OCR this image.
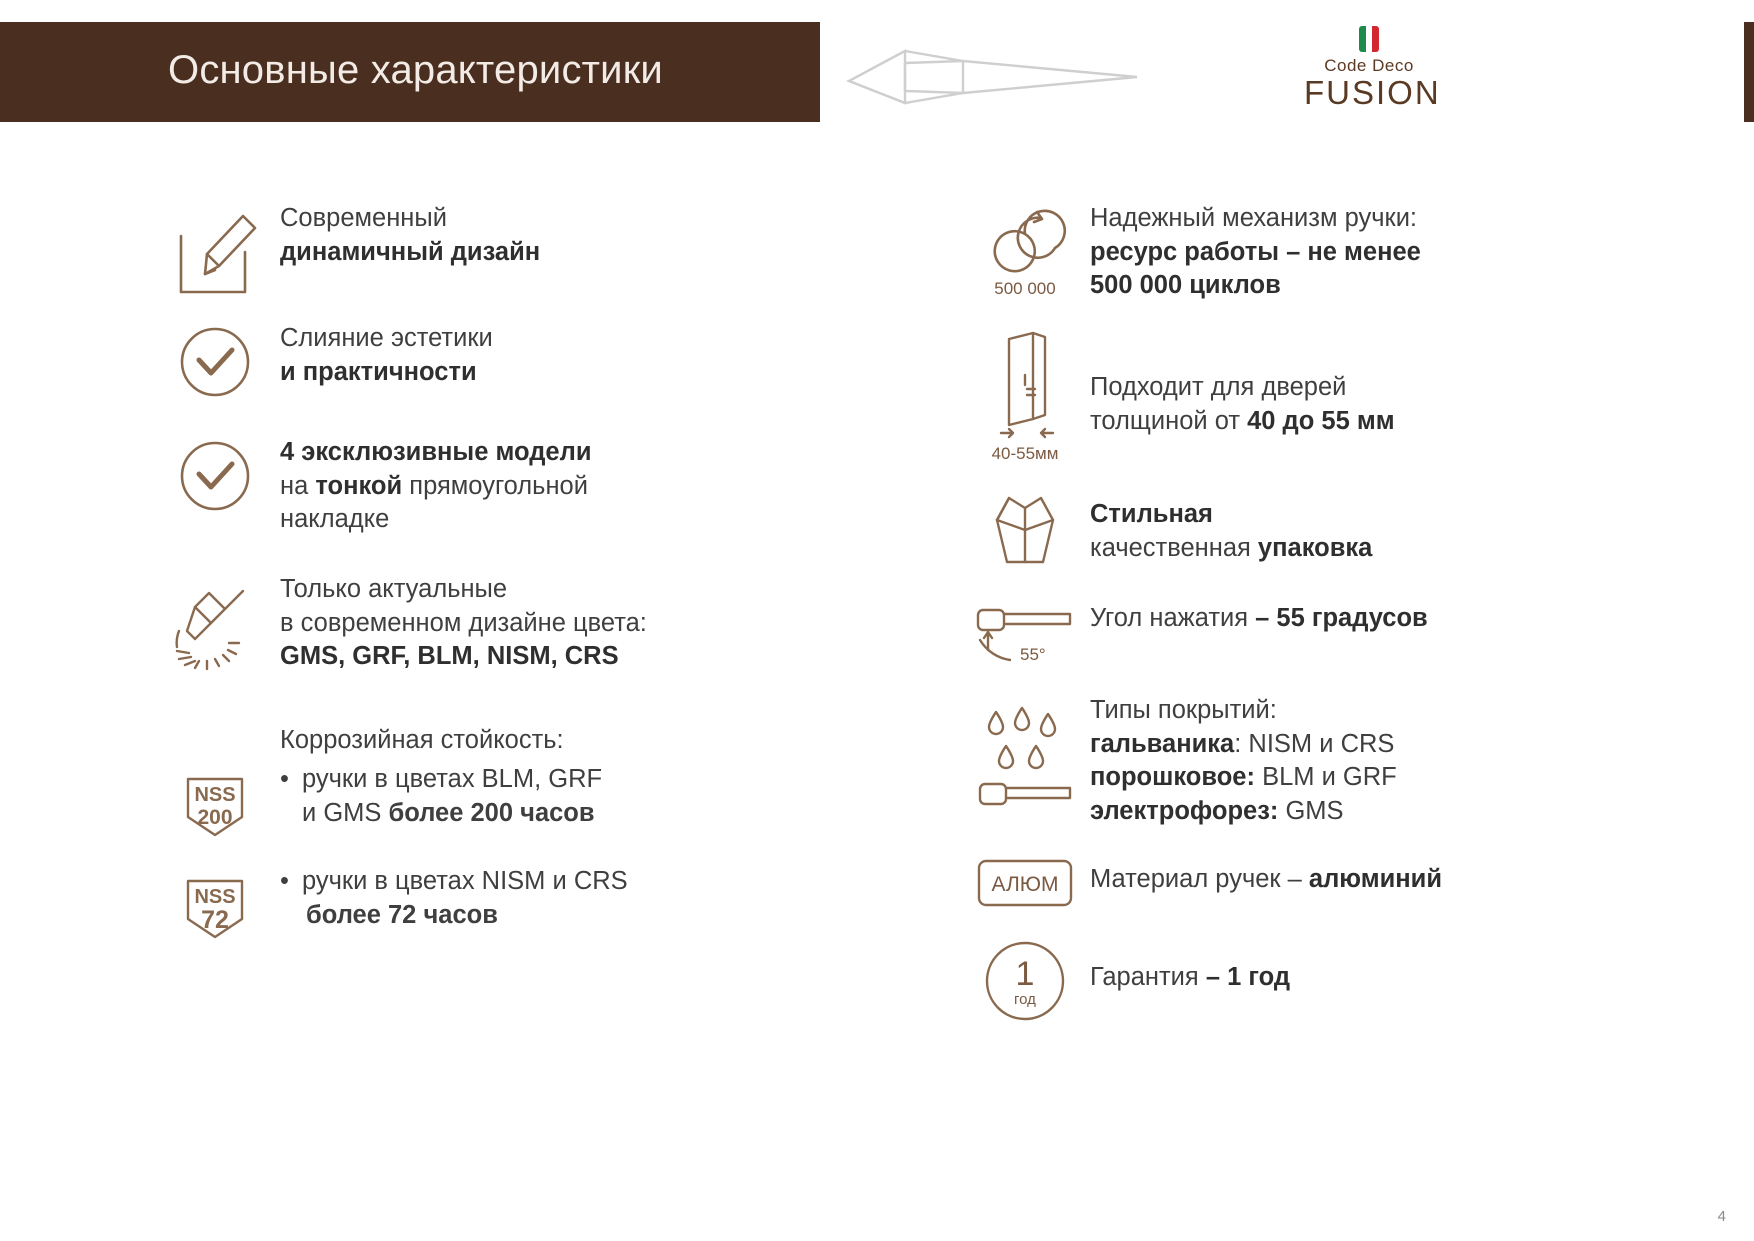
Основные характеристики	Code Deco
FUSION
Современный
динамичный дизайн
Слияние эстетики
и практичности
4 эксклюзивные модели
на тонкой прямоугольной
накладке
Только актуальные
в современном дизайне цвета:
GMS, GRF, BLM, NISM, CRS
Коррозийная стойкость:
NSS
200
• ручки в цветах BLM, GRF
и GMS более 200 часов
NSS
72
• ручки в цветах NISM и CRS
более 72 часов
500 000
Надежный механизм ручки:
ресурс работы – не менее
500 000 циклов
40-55мм
Подходит для дверей
толщиной от 40 до 55 мм
Стильная
качественная упаковка
55°
Угол нажатия – 55 градусов
Типы покрытий:
гальваника: NISM и CRS
порошковое: BLM и GRF
электрофорез: GMS
АЛЮМ Материал ручек – алюминий
1
год
Гарантия – 1 год
4
